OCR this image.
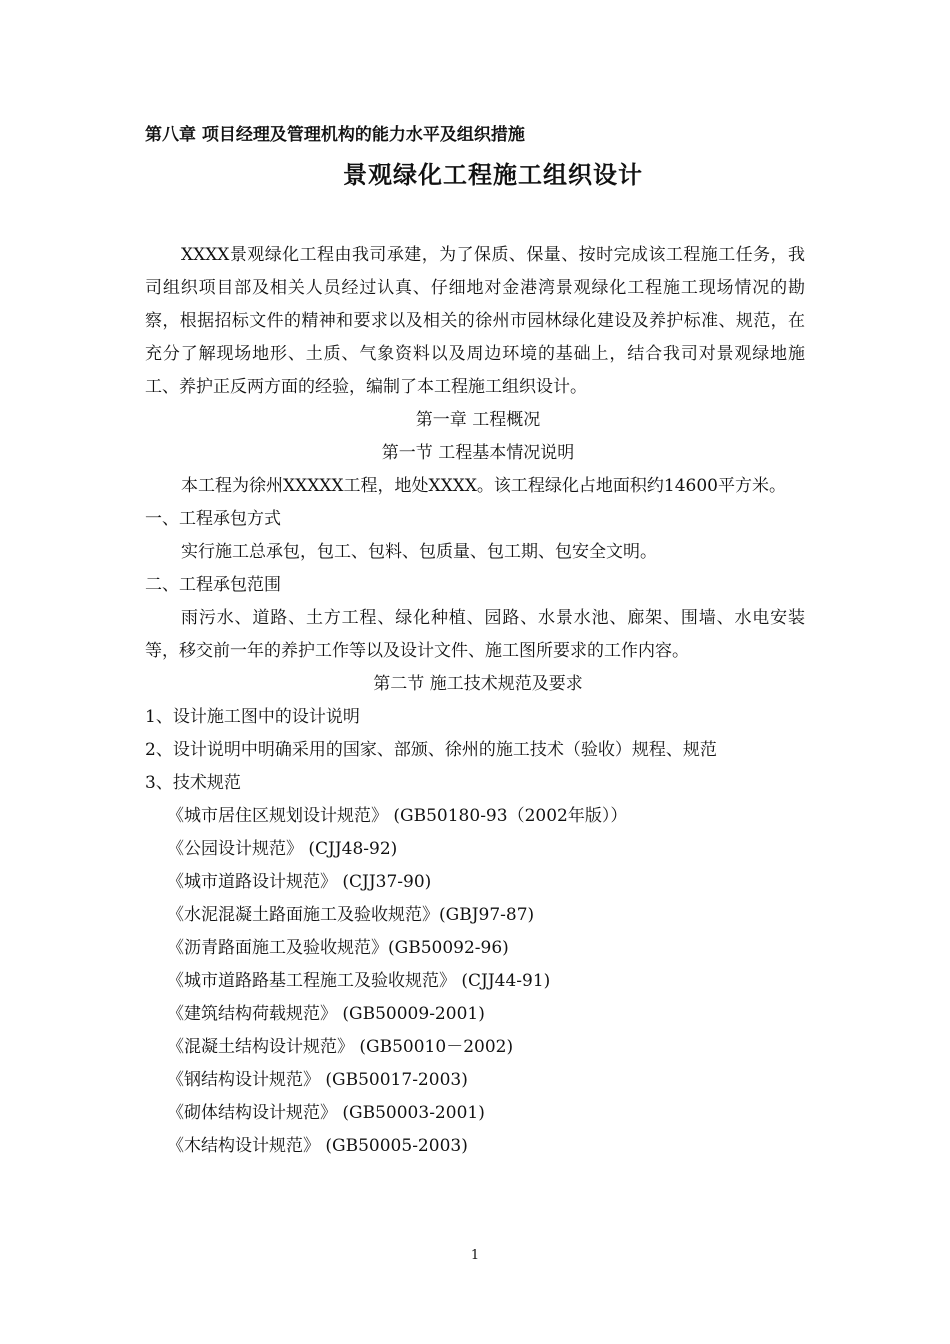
第八章 项目经理及管理机构的能力水平及组织措施
景观绿化工程施工组织设计

XXXX景观绿化工程由我司承建，为了保质、保量、按时完成该工程施工任务，我司组织项目部及相关人员经过认真、仔细地对金港湾景观绿化工程施工现场情况的勘察，根据招标文件的精神和要求以及相关的徐州市园林绿化建设及养护标准、规范，在充分了解现场地形、土质、气象资料以及周边环境的基础上，结合我司对景观绿地施工、养护正反两方面的经验，编制了本工程施工组织设计。

第一章 工程概况

第一节 工程基本情况说明

本工程为徐州XXXXX工程，地处XXXX。该工程绿化占地面积约14600平方米。

一、工程承包方式

实行施工总承包，包工、包料、包质量、包工期、包安全文明。

二、工程承包范围

雨污水、道路、土方工程、绿化种植、园路、水景水池、廊架、围墙、水电安装等，移交前一年的养护工作等以及设计文件、施工图所要求的工作内容。

第二节 施工技术规范及要求

1、设计施工图中的设计说明

2、设计说明中明确采用的国家、部颁、徐州的施工技术（验收）规程、规范

3、技术规范

《城市居住区规划设计规范》 (GB50180-93（2002年版））

《公园设计规范》 (CJJ48-92)

《城市道路设计规范》 (CJJ37-90)

《水泥混凝土路面施工及验收规范》(GBJ97-87)

《沥青路面施工及验收规范》(GB50092-96)

《城市道路路基工程施工及验收规范》 (CJJ44-91)

《建筑结构荷载规范》 (GB50009-2001)

《混凝土结构设计规范》 (GB50010－2002)

《钢结构设计规范》 (GB50017-2003)

《砌体结构设计规范》 (GB50003-2001)

《木结构设计规范》 (GB50005-2003)

1
